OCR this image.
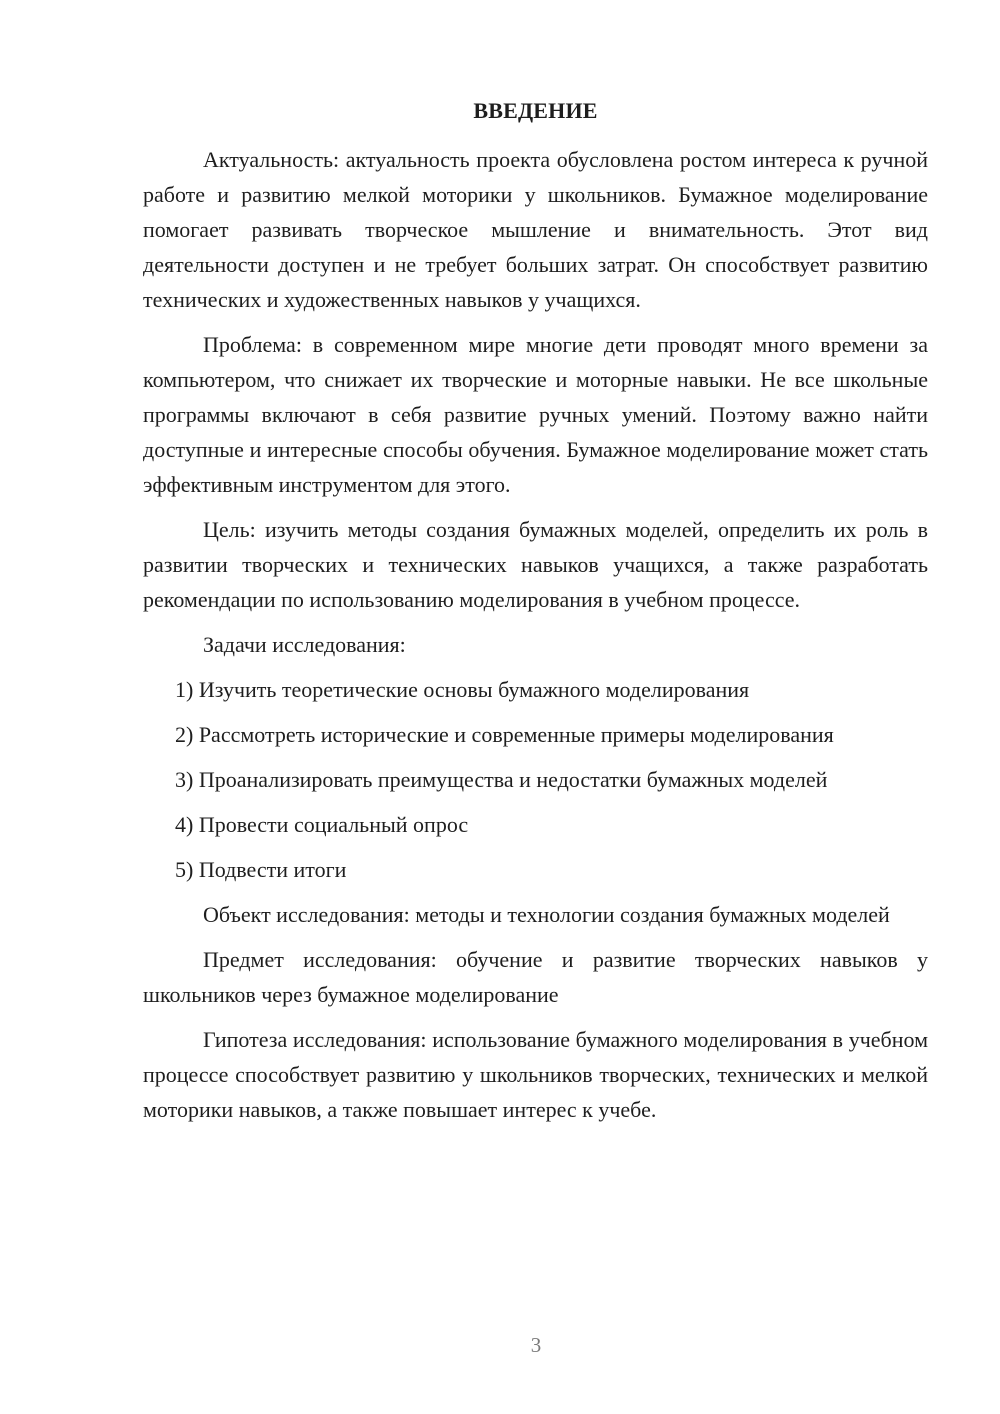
ВВЕДЕНИЕ

Актуальность: актуальность проекта обусловлена ростом интереса к ручной работе и развитию мелкой моторики у школьников. Бумажное моделирование помогает развивать творческое мышление и внимательность. Этот вид деятельности доступен и не требует больших затрат. Он способствует развитию технических и художественных навыков у учащихся.

Проблема: в современном мире многие дети проводят много времени за компьютером, что снижает их творческие и моторные навыки. Не все школьные программы включают в себя развитие ручных умений. Поэтому важно найти доступные и интересные способы обучения. Бумажное моделирование может стать эффективным инструментом для этого.

Цель: изучить методы создания бумажных моделей, определить их роль в развитии творческих и технических навыков учащихся, а также разработать рекомендации по использованию моделирования в учебном процессе.

Задачи исследования:

1) Изучить теоретические основы бумажного моделирования
2) Рассмотреть исторические и современные примеры моделирования
3) Проанализировать преимущества и недостатки бумажных моделей
4) Провести социальный опрос
5) Подвести итоги

Объект исследования: методы и технологии создания бумажных моделей

Предмет исследования: обучение и развитие творческих навыков у школьников через бумажное моделирование

Гипотеза исследования: использование бумажного моделирования в учебном процессе способствует развитию у школьников творческих, технических и мелкой моторики навыков, а также повышает интерес к учебе.

3
